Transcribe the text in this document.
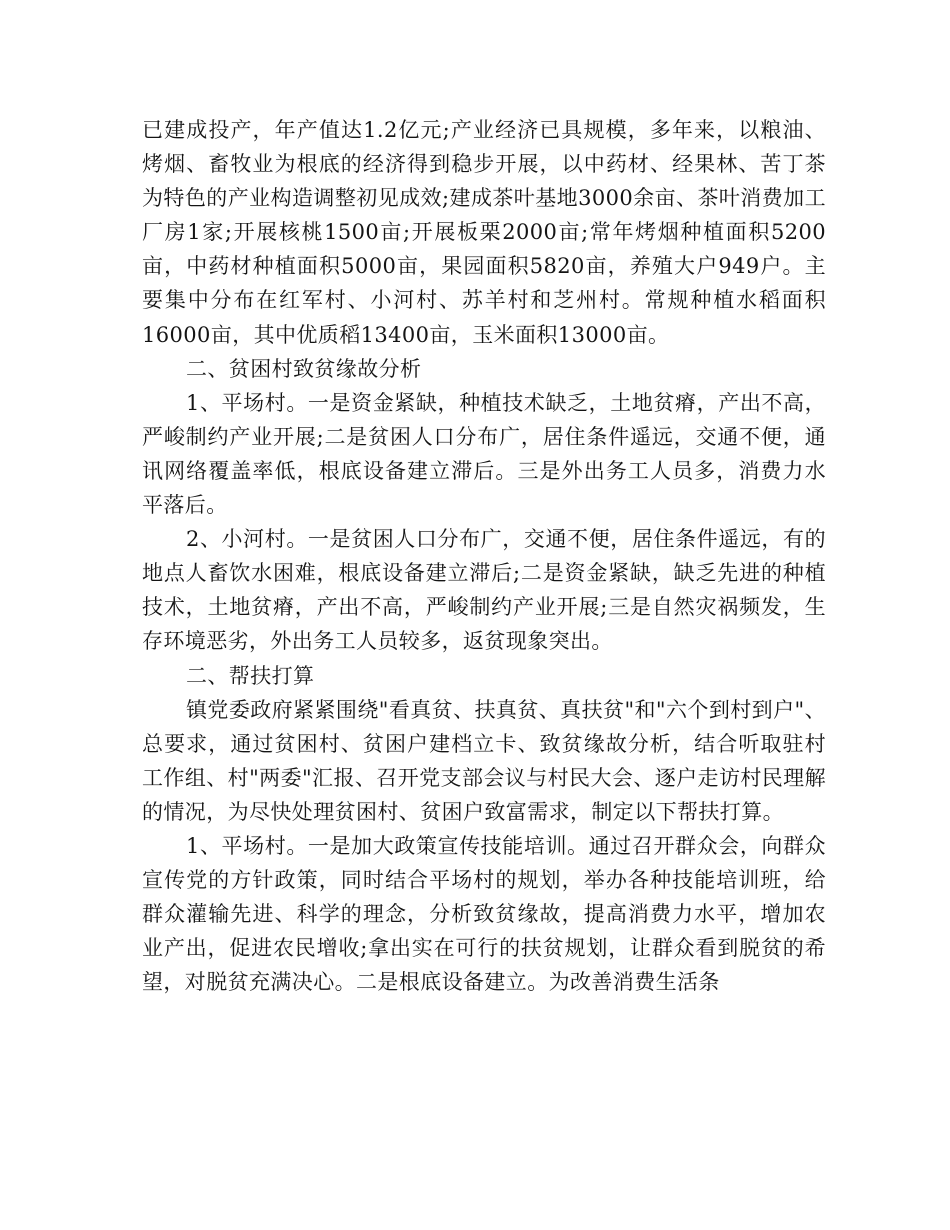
已建成投产，年产值达1.2亿元;产业经济已具规模，多年来，以粮油、烤烟、畜牧业为根底的经济得到稳步开展，以中药材、经果林、苦丁茶为特色的产业构造调整初见成效;建成茶叶基地3000余亩、茶叶消费加工厂房1家;开展核桃1500亩;开展板栗2000亩;常年烤烟种植面积5200亩，中药材种植面积5000亩，果园面积5820亩，养殖大户949户。主要集中分布在红军村、小河村、苏羊村和芝州村。常规种植水稻面积16000亩，其中优质稻13400亩，玉米面积13000亩。

二、贫困村致贫缘故分析

1、平场村。一是资金紧缺，种植技术缺乏，土地贫瘠，产出不高，严峻制约产业开展;二是贫困人口分布广，居住条件遥远，交通不便，通讯网络覆盖率低，根底设备建立滞后。三是外出务工人员多，消费力水平落后。

2、小河村。一是贫困人口分布广，交通不便，居住条件遥远，有的地点人畜饮水困难，根底设备建立滞后;二是资金紧缺，缺乏先进的种植技术，土地贫瘠，产出不高，严峻制约产业开展;三是自然灾祸频发，生存环境恶劣，外出务工人员较多，返贫现象突出。

二、帮扶打算

镇党委政府紧紧围绕"看真贫、扶真贫、真扶贫"和"六个到村到户"、总要求，通过贫困村、贫困户建档立卡、致贫缘故分析，结合听取驻村工作组、村"两委"汇报、召开党支部会议与村民大会、逐户走访村民理解的情况，为尽快处理贫困村、贫困户致富需求，制定以下帮扶打算。

1、平场村。一是加大政策宣传技能培训。通过召开群众会，向群众宣传党的方针政策，同时结合平场村的规划，举办各种技能培训班，给群众灌输先进、科学的理念，分析致贫缘故，提高消费力水平，增加农业产出，促进农民增收;拿出实在可行的扶贫规划，让群众看到脱贫的希望，对脱贫充满决心。二是根底设备建立。为改善消费生活条
